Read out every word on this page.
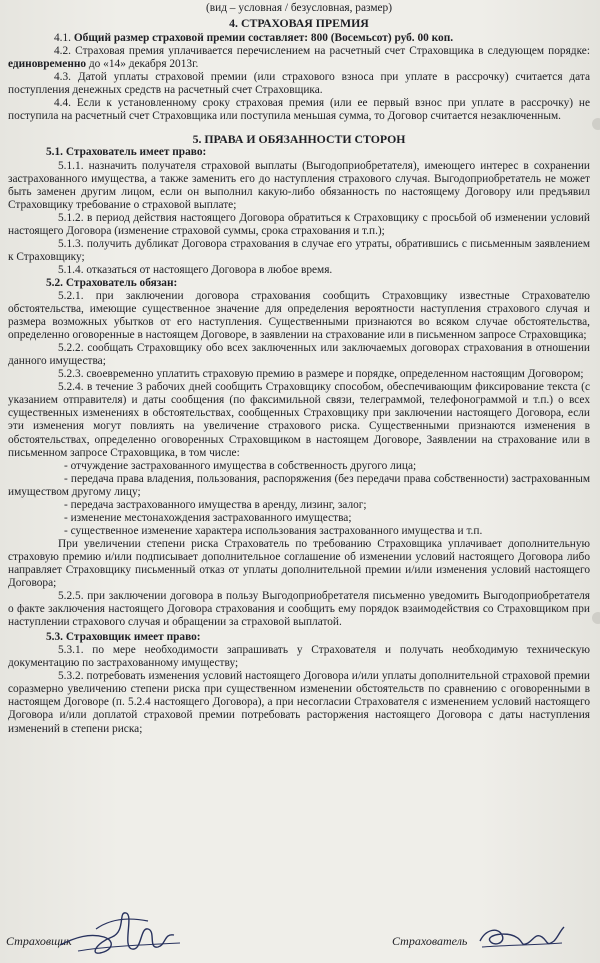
(вид – условная / безусловная, размер)

4. СТРАХОВАЯ ПРЕМИЯ

4.1. Общий размер страховой премии составляет: 800 (Восемьсот) руб. 00 коп.

4.2. Страховая премия уплачивается перечислением на расчетный счет Страховщика в следующем порядке: единовременно до «14» декабря 2013г.

4.3. Датой уплаты страховой премии (или страхового взноса при уплате в рассрочку) считается дата поступления денежных средств на расчетный счет Страховщика.

4.4. Если к установленному сроку страховая премия (или ее первый взнос при уплате в рассрочку) не поступила на расчетный счет Страховщика или поступила меньшая сумма, то Договор считается незаключенным.

5. ПРАВА И ОБЯЗАННОСТИ СТОРОН

5.1. Страхователь имеет право:

5.1.1. назначить получателя страховой выплаты (Выгодоприобретателя), имеющего интерес в сохранении застрахованного имущества, а также заменить его до наступления страхового случая. Выгодоприобретатель не может быть заменен другим лицом, если он выполнил какую-либо обязанность по настоящему Договору или предъявил Страховщику требование о страховой выплате;

5.1.2. в период действия настоящего Договора обратиться к Страховщику с просьбой об изменении условий настоящего Договора (изменение страховой суммы, срока страхования и т.п.);

5.1.3. получить дубликат Договора страхования в случае его утраты, обратившись с письменным заявлением к Страховщику;

5.1.4. отказаться от настоящего Договора в любое время.

5.2. Страхователь обязан:

5.2.1. при заключении договора страхования сообщить Страховщику известные Страхователю обстоятельства, имеющие существенное значение для определения вероятности наступления страхового случая и размера возможных убытков от его наступления. Существенными признаются во всяком случае обстоятельства, определенно оговоренные в настоящем Договоре, в заявлении на страхование или в письменном запросе Страховщика;

5.2.2. сообщать Страховщику обо всех заключенных или заключаемых договорах страхования в отношении данного имущества;

5.2.3. своевременно уплатить страховую премию в размере и порядке, определенном настоящим Договором;

5.2.4. в течение 3 рабочих дней сообщить Страховщику способом, обеспечивающим фиксирование текста (с указанием отправителя) и даты сообщения (по факсимильной связи, телеграммой, телефонограммой и т.п.) о всех существенных изменениях в обстоятельствах, сообщенных Страховщику при заключении настоящего Договора, если эти изменения могут повлиять на увеличение страхового риска. Существенными признаются изменения в обстоятельствах, определенно оговоренных Страховщиком в настоящем Договоре, Заявлении на страхование или в письменном запросе Страховщика, в том числе:

- отчуждение застрахованного имущества в собственность другого лица;

- передача права владения, пользования, распоряжения (без передачи права собственности) застрахованным имуществом другому лицу;

- передача застрахованного имущества в аренду, лизинг, залог;

- изменение местонахождения застрахованного имущества;

- существенное изменение характера использования застрахованного имущества и т.п.

При увеличении степени риска Страхователь по требованию Страховщика уплачивает дополнительную страховую премию и/или подписывает дополнительное соглашение об изменении условий настоящего Договора либо направляет Страховщику письменный отказ от уплаты дополнительной премии и/или изменения условий настоящего Договора;

5.2.5. при заключении договора в пользу Выгодоприобретателя письменно уведомить Выгодоприобретателя о факте заключения настоящего Договора страхования и сообщить ему порядок взаимодействия со Страховщиком при наступлении страхового случая и обращении за страховой выплатой.

5.3. Страховщик имеет право:

5.3.1. по мере необходимости запрашивать у Страхователя и получать необходимую техническую документацию по застрахованному имуществу;

5.3.2. потребовать изменения условий настоящего Договора и/или уплаты дополнительной страховой премии соразмерно увеличению степени риска при существенном изменении обстоятельств по сравнению с оговоренными в настоящем Договоре (п. 5.2.4 настоящего Договора), а при несогласии Страхователя с изменением условий настоящего Договора и/или доплатой страховой премии потребовать расторжения настоящего Договора с даты наступления изменений в степени риска;

Страховщик	Страхователь
